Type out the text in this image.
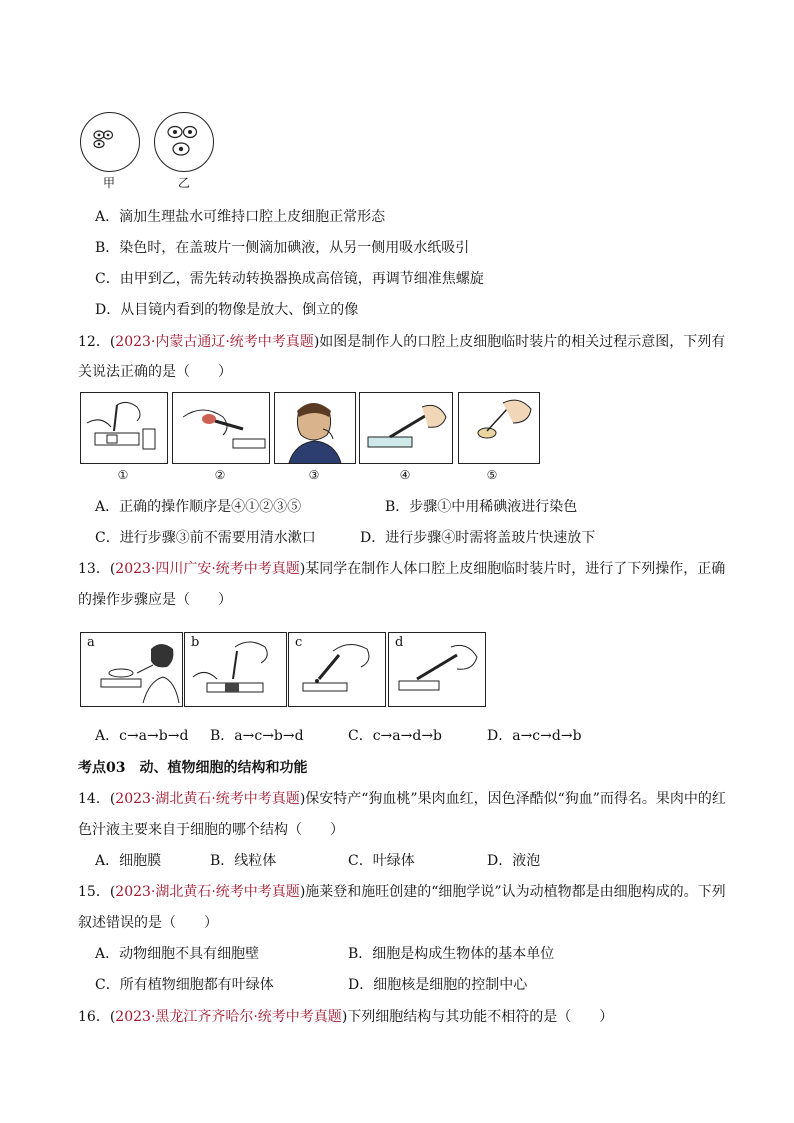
甲	乙
A．滴加生理盐水可维持口腔上皮细胞正常形态
B．染色时，在盖玻片一侧滴加碘液，从另一侧用吸水纸吸引
C．由甲到乙，需先转动转换器换成高倍镜，再调节细准焦螺旋
D．从目镜内看到的物像是放大、倒立的像
12．(2023·内蒙古通辽·统考中考真题)如图是制作人的口腔上皮细胞临时装片的相关过程示意图，下列有
关说法正确的是（　　）
①	②	③	④	⑤
A．正确的操作顺序是④①②③⑤	B．步骤①中用稀碘液进行染色
C．进行步骤③前不需要用清水漱口	D．进行步骤④时需将盖玻片快速放下
13．(2023·四川广安·统考中考真题)某同学在制作人体口腔上皮细胞临时装片时，进行了下列操作，正确
的操作步骤应是（　　）
a	b	c	d
A．c→a→b→d B．a→c→b→d	C．c→a→d→b	D．a→c→d→b
考点03　动、植物细胞的结构和功能
14．(2023·湖北黄石·统考中考真题)保安特产“狗血桃”果肉血红，因色泽酷似“狗血”而得名。果肉中的红
色汁液主要来自于细胞的哪个结构（　　）
A．细胞膜	B．线粒体	C．叶绿体	D．液泡
15．(2023·湖北黄石·统考中考真题)施莱登和施旺创建的“细胞学说”认为动植物都是由细胞构成的。下列
叙述错误的是（　　）
A．动物细胞不具有细胞壁	B．细胞是构成生物体的基本单位
C．所有植物细胞都有叶绿体	D．细胞核是细胞的控制中心
16．(2023·黑龙江齐齐哈尔·统考中考真题)下列细胞结构与其功能不相符的是（　　）
